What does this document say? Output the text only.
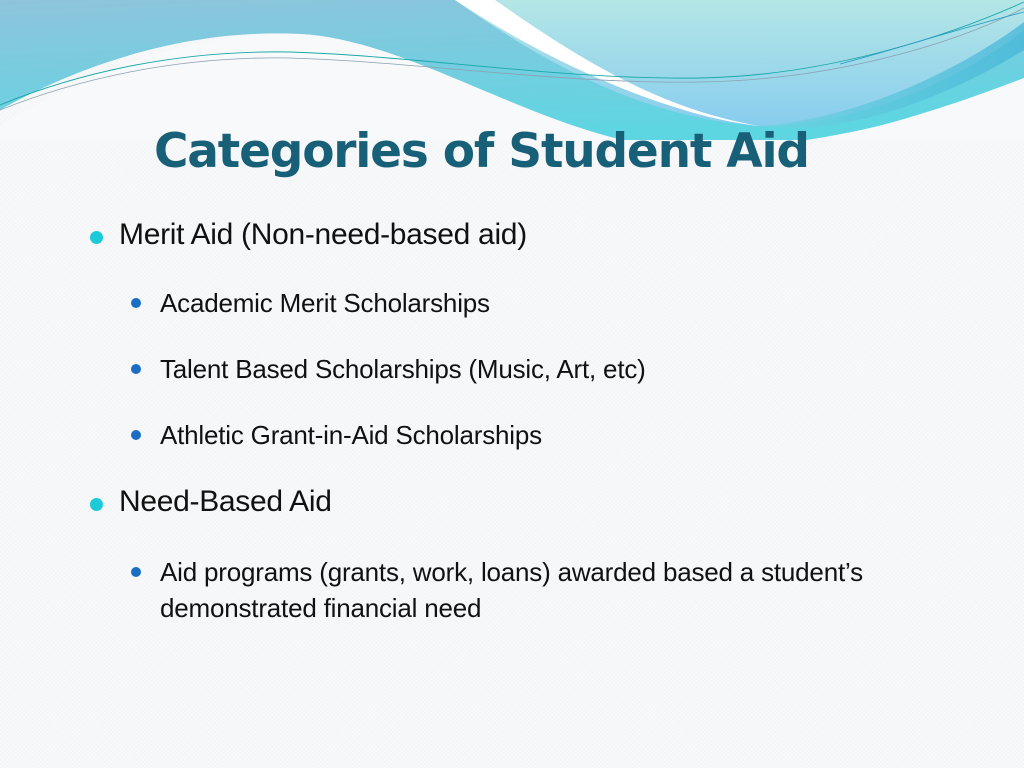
Categories of Student Aid
Merit Aid (Non-need-based aid)
Academic Merit Scholarships
Talent Based Scholarships (Music, Art, etc)
Athletic Grant-in-Aid Scholarships
Need-Based Aid
Aid programs (grants, work, loans) awarded based a student’s demonstrated financial need
